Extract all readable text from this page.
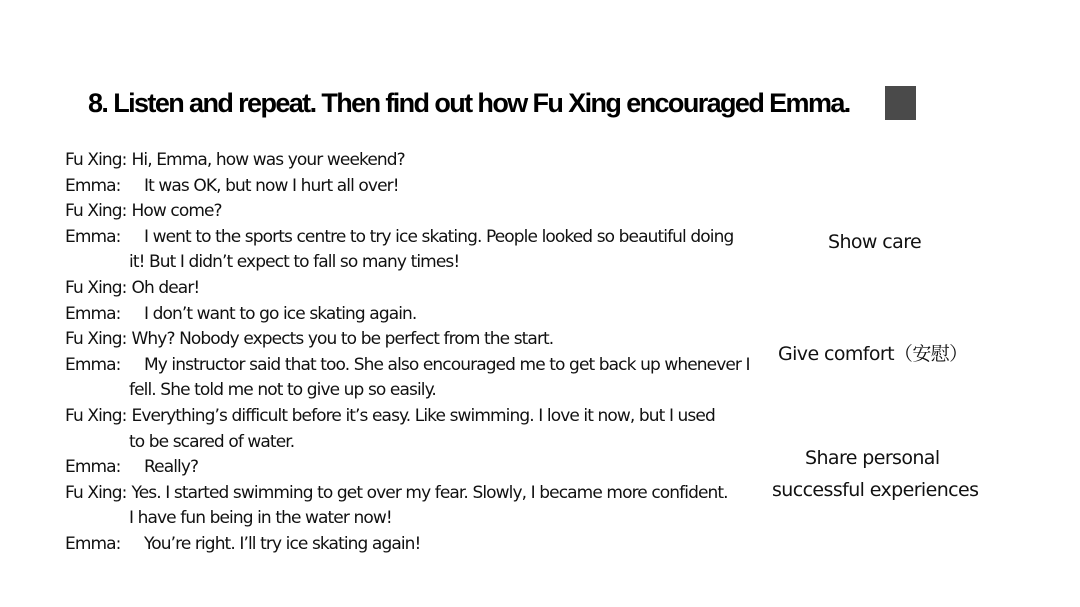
8. Listen and repeat. Then find out how Fu Xing encouraged Emma.
Fu Xing: Hi, Emma, how was your weekend?
Emma: It was OK, but now I hurt all over!
Fu Xing: How come?
Emma: I went to the sports centre to try ice skating. People looked so beautiful doing
it! But I didn’t expect to fall so many times!
Fu Xing: Oh dear!
Emma: I don’t want to go ice skating again.
Fu Xing: Why? Nobody expects you to be perfect from the start.
Emma: My instructor said that too. She also encouraged me to get back up whenever I
fell. She told me not to give up so easily.
Fu Xing: Everything’s difficult before it’s easy. Like swimming. I love it now, but I used
to be scared of water.
Emma: Really?
Fu Xing: Yes. I started swimming to get over my fear. Slowly, I became more confident.
I have fun being in the water now!
Emma: You’re right. I’ll try ice skating again!
Show care
Give comfort（安慰）
Share personal
successful experiences
